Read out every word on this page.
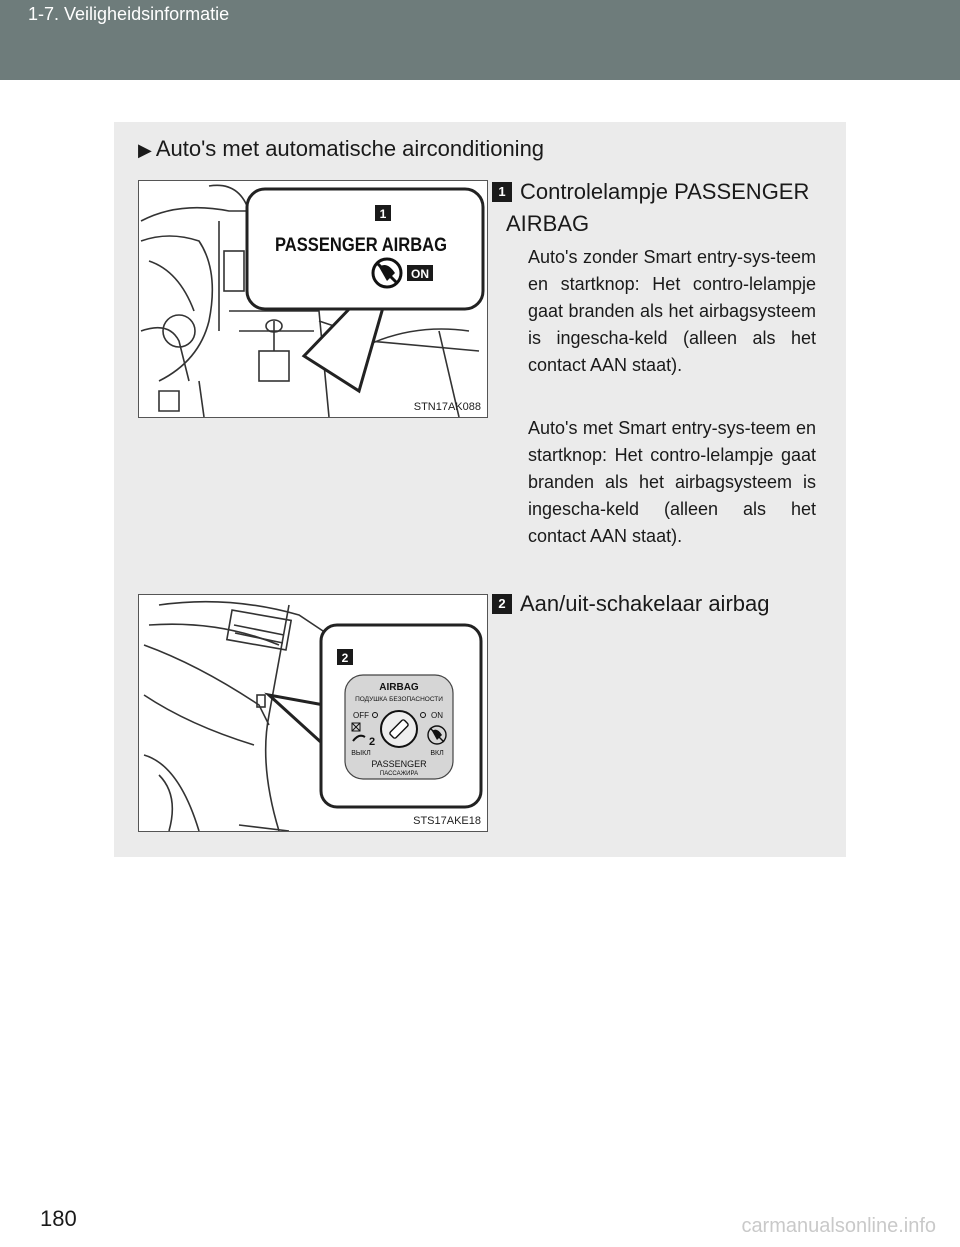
1-7. Veiligheidsinformatie
▶ Auto's met automatische airconditioning
1
PASSENGER AIRBAG
ON
STN17AK088
1 Controlelampje PASSENGER
AIRBAG
Auto's zonder Smart entry-sys-teem en startknop: Het contro-lelampje gaat branden als het airbagsysteem is ingescha-keld (alleen als het contact AAN staat).
Auto's met Smart entry-sys-teem en startknop: Het contro-lelampje gaat branden als het airbagsysteem is ingescha-keld (alleen als het contact AAN staat).
2
AIRBAG
ПОДУШКА БЕЗОПАСНОСТИ
OFF	ON
2
ВЫКЛ	ВКЛ
PASSENGER
ПАССАЖИРА
STS17AKE18
2 Aan/uit-schakelaar airbag
180	carmanualsonline.info
